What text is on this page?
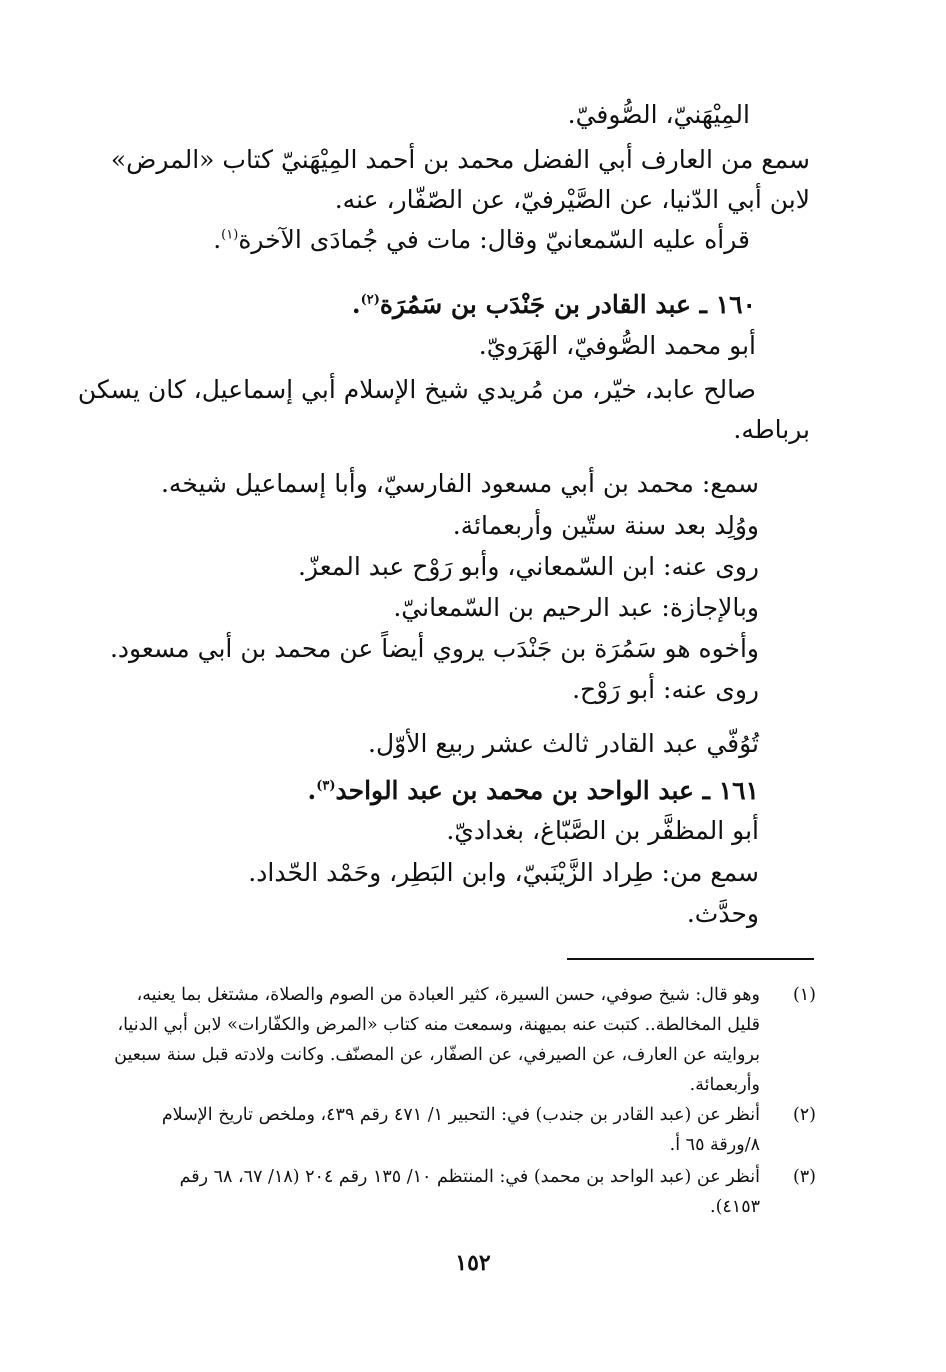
المِيْهَنيّ، الصُّوفيّ.
سمع من العارف أبي الفضل محمد بن أحمد المِيْهَنيّ كتاب «المرض»
لابن أبي الدّنيا، عن الصَّيْرفيّ، عن الصّفّار، عنه.
قرأه عليه السّمعانيّ وقال: مات في جُمادَى الآخرة$^{(١)}$.
١٦٠ ـ عبد القادر بن جَنْدَب بن سَمُرَة$^{(٢)}$.
أبو محمد الصُّوفيّ، الهَرَويّ.
صالح عابد، خيّر، من مُريدي شيخ الإسلام أبي إسماعيل، كان يسكن
برباطه.
سمع: محمد بن أبي مسعود الفارسيّ، وأبا إسماعيل شيخه.
ووُلِد بعد سنة ستّين وأربعمائة.
روى عنه: ابن السّمعاني، وأبو رَوْح عبد المعزّ.
وبالإجازة: عبد الرحيم بن السّمعانيّ.
وأخوه هو سَمُرَة بن جَنْدَب يروي أيضاً عن محمد بن أبي مسعود.
روى عنه: أبو رَوْح.
تُوُفّي عبد القادر ثالث عشر ربيع الأوّل.
١٦١ ـ عبد الواحد بن محمد بن عبد الواحد$^{(٣)}$.
أبو المظفَّر بن الصَّبّاغ، بغداديّ.
سمع من: طِراد الزَّيْنَبيّ، وابن البَطِر، وحَمْد الحّداد.
وحدَّث.
(١)
وهو قال: شيخ صوفي، حسن السيرة، كثير العبادة من الصوم والصلاة، مشتغل بما يعنيه،
قليل المخالطة.. كتبت عنه بميهنة، وسمعت منه كتاب «المرض والكفّارات» لابن أبي الدنيا،
بروايته عن العارف، عن الصيرفي، عن الصفّار، عن المصنّف. وكانت ولادته قبل سنة سبعين
وأربعمائة.
(٢)
أنظر عن (عبد القادر بن جندب) في: التحبير ١/ ٤٧١ رقم ٤٣٩، وملخص تاريخ الإسلام
٨/ورقة ٦٥ أ.
(٣)
أنظر عن (عبد الواحد بن محمد) في: المنتظم ١٠/ ١٣٥ رقم ٢٠٤ (١٨/ ٦٧، ٦٨ رقم
٤١٥٣).
١٥٢
